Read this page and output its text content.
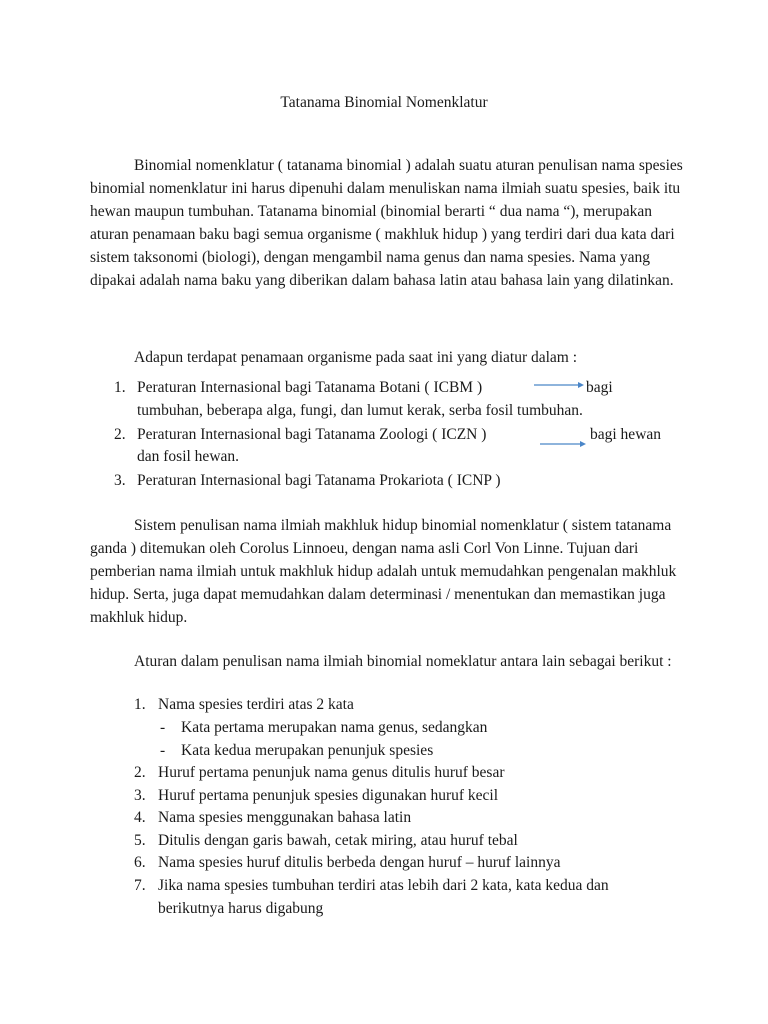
Tatanama Binomial Nomenklatur

Binomial nomenklatur ( tatanama binomial ) adalah suatu aturan penulisan nama spesies binomial nomenklatur ini harus dipenuhi dalam menuliskan nama ilmiah suatu spesies, baik itu hewan maupun tumbuhan. Tatanama binomial (binomial berarti “ dua nama “), merupakan aturan penamaan baku bagi semua organisme ( makhluk hidup ) yang terdiri dari dua kata dari sistem taksonomi (biologi), dengan mengambil nama genus dan nama spesies. Nama yang dipakai adalah nama baku yang diberikan dalam bahasa latin atau bahasa lain yang dilatinkan.

Adapun terdapat penamaan organisme pada saat ini yang diatur dalam :
1. Peraturan Internasional bagi Tatanama Botani ( ICBM )	bagi
tumbuhan, beberapa alga, fungi, dan lumut kerak, serba fosil tumbuhan.
2. Peraturan Internasional bagi Tatanama Zoologi ( ICZN )	bagi hewan
dan fosil hewan.
3. Peraturan Internasional bagi Tatanama Prokariota ( ICNP )

Sistem penulisan nama ilmiah makhluk hidup binomial nomenklatur ( sistem tatanama ganda ) ditemukan oleh Corolus Linnoeu, dengan nama asli Corl Von Linne. Tujuan dari pemberian nama ilmiah untuk makhluk hidup adalah untuk memudahkan pengenalan makhluk hidup. Serta, juga dapat memudahkan dalam determinasi / menentukan dan memastikan juga makhluk hidup.

Aturan dalam penulisan nama ilmiah binomial nomeklatur antara lain sebagai berikut :

1. Nama spesies terdiri atas 2 kata
- Kata pertama merupakan nama genus, sedangkan
- Kata kedua merupakan penunjuk spesies
2. Huruf pertama penunjuk nama genus ditulis huruf besar
3. Huruf pertama penunjuk spesies digunakan huruf kecil
4. Nama spesies menggunakan bahasa latin
5. Ditulis dengan garis bawah, cetak miring, atau huruf tebal
6. Nama spesies huruf ditulis berbeda dengan huruf – huruf lainnya
7. Jika nama spesies tumbuhan terdiri atas lebih dari 2 kata, kata kedua dan
berikutnya harus digabung
